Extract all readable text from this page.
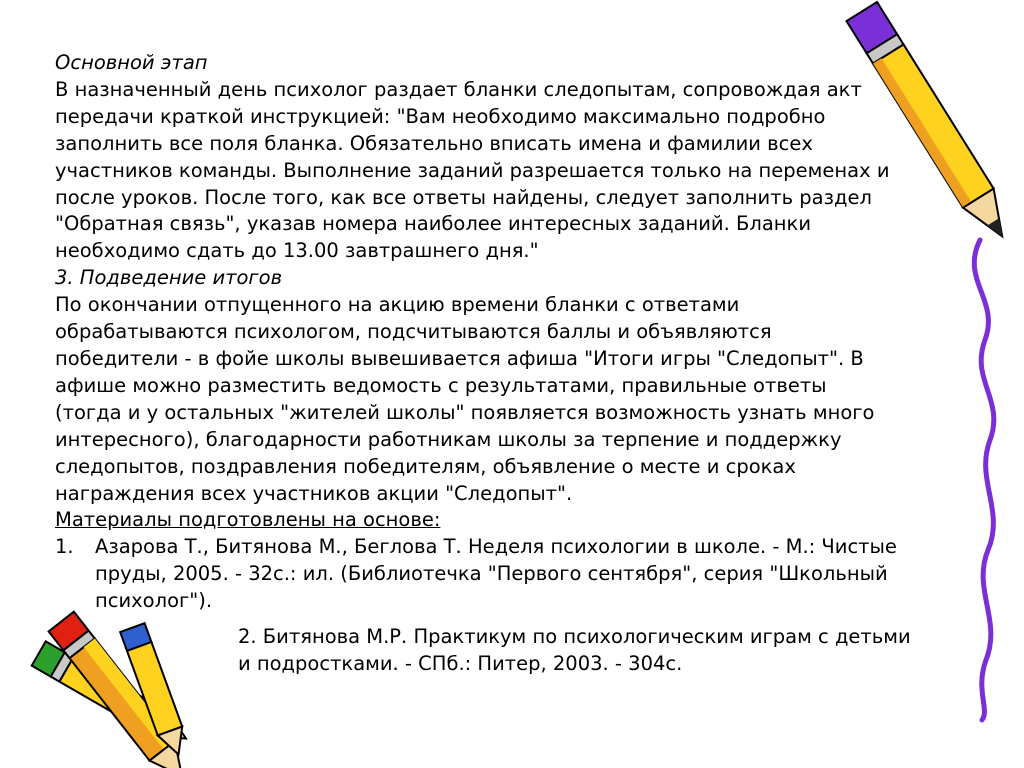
Основной этап
В назначенный день психолог раздает бланки следопытам, сопровождая акт
передачи краткой инструкцией: "Вам необходимо максимально подробно
заполнить все поля бланка. Обязательно вписать имена и фамилии всех
участников команды. Выполнение заданий разрешается только на переменах и
после уроков. После того, как все ответы найдены, следует заполнить раздел
"Обратная связь", указав номера наиболее интересных заданий. Бланки
необходимо сдать до 13.00 завтрашнего дня."
3. Подведение итогов
По окончании отпущенного на акцию времени бланки с ответами
обрабатываются психологом, подсчитываются баллы и объявляются
победители - в фойе школы вывешивается афиша "Итоги игры "Следопыт". В
афише можно разместить ведомость с результатами, правильные ответы
(тогда и у остальных "жителей школы" появляется возможность узнать много
интересного), благодарности работникам школы за терпение и поддержку
следопытов, поздравления победителям, объявление о месте и сроках
награждения всех участников акции "Следопыт".
Материалы подготовлены на основе:
1. Азарова Т., Битянова М., Беглова Т. Неделя психологии в школе. - М.: Чистые
пруды, 2005. - 32с.: ил. (Библиотечка "Первого сентября", серия "Школьный
психолог").
2. Битянова М.Р. Практикум по психологическим играм с детьми
и подростками. - СПб.: Питер, 2003. - 304с.
